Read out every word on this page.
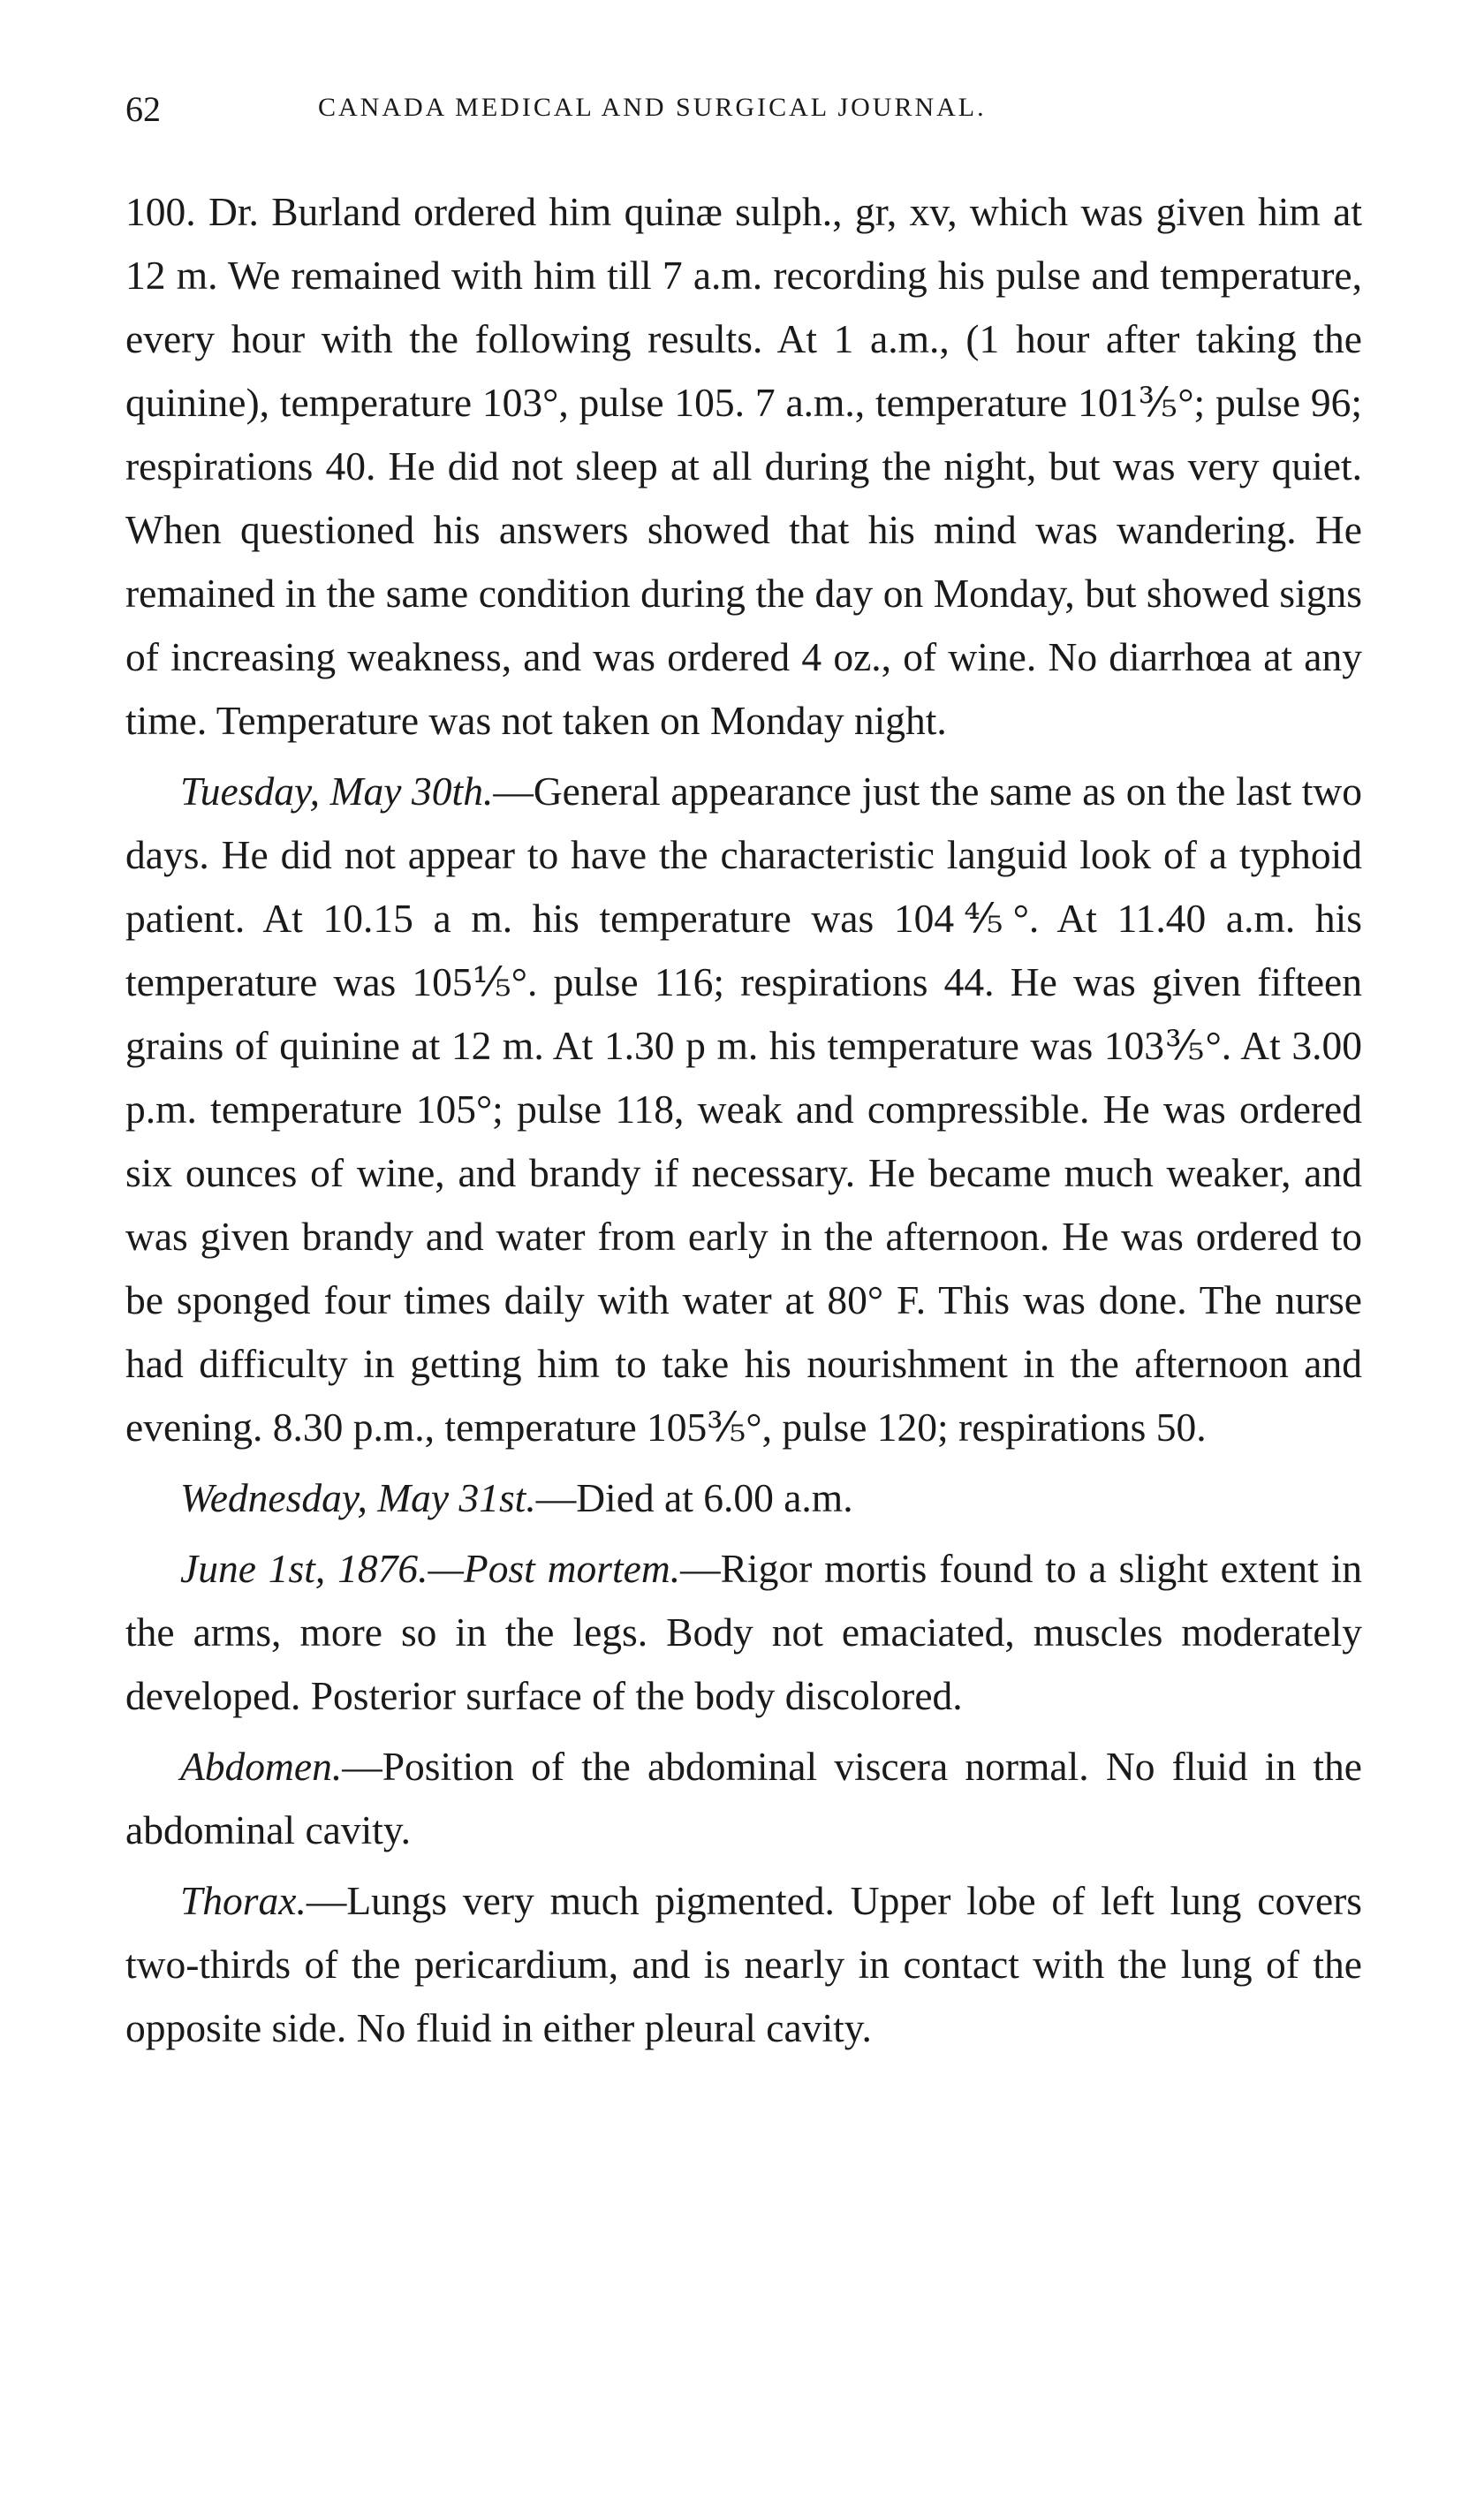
62	CANADA MEDICAL AND SURGICAL JOURNAL.

100. Dr. Burland ordered him quinæ sulph., gr, xv, which was given him at 12 m. We remained with him till 7 a.m. recording his pulse and temperature, every hour with the following results. At 1 a.m., (1 hour after taking the quinine), temperature 103°, pulse 105. 7 a.m., temperature 101⅗°; pulse 96; respirations 40. He did not sleep at all during the night, but was very quiet. When questioned his answers showed that his mind was wandering. He remained in the same condition during the day on Monday, but showed signs of increasing weakness, and was ordered 4 oz., of wine. No diarrhœa at any time. Temperature was not taken on Monday night.

Tuesday, May 30th.—General appearance just the same as on the last two days. He did not appear to have the characteristic languid look of a typhoid patient. At 10.15 a m. his temperature was 104⅘°. At 11.40 a.m. his temperature was 105⅕°. pulse 116; respirations 44. He was given fifteen grains of quinine at 12 m. At 1.30 p m. his temperature was 103⅗°. At 3.00 p.m. temperature 105°; pulse 118, weak and compressible. He was ordered six ounces of wine, and brandy if necessary. He became much weaker, and was given brandy and water from early in the afternoon. He was ordered to be sponged four times daily with water at 80° F. This was done. The nurse had difficulty in getting him to take his nourishment in the afternoon and evening. 8.30 p.m., temperature 105⅗°, pulse 120; respirations 50.

Wednesday, May 31st.—Died at 6.00 a.m.

June 1st, 1876.—Post mortem.—Rigor mortis found to a slight extent in the arms, more so in the legs. Body not emaciated, muscles moderately developed. Posterior surface of the body discolored.

Abdomen.—Position of the abdominal viscera normal. No fluid in the abdominal cavity.

Thorax.—Lungs very much pigmented. Upper lobe of left lung covers two-thirds of the pericardium, and is nearly in contact with the lung of the opposite side. No fluid in either pleural cavity.
